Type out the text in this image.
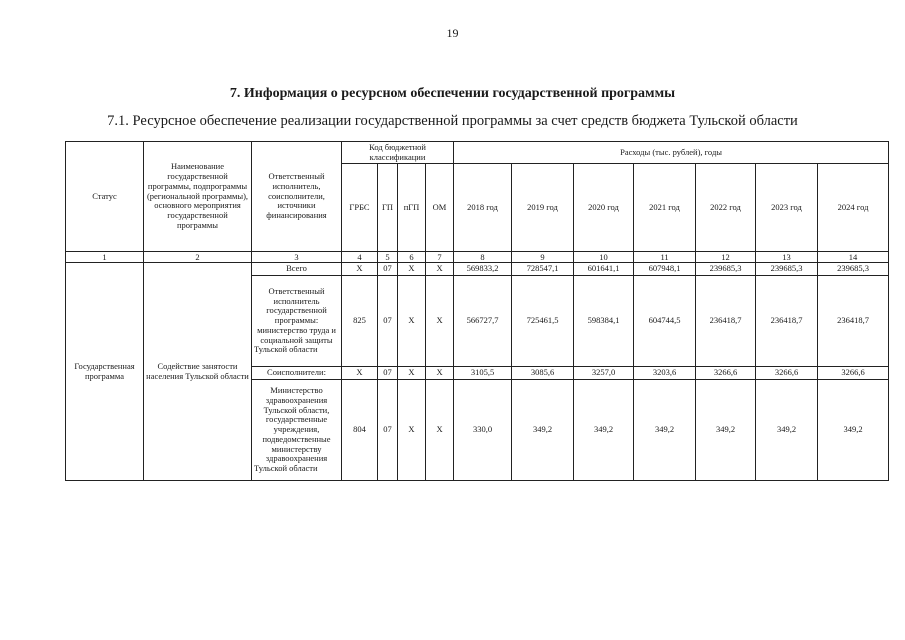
19
7. Информация о ресурсном обеспечении государственной программы
7.1. Ресурсное обеспечение реализации государственной программы за счет средств бюджета Тульской области
Статус	Наименование государственной программы, подпрограммы (региональной программы), основного мероприятия государственной программы	Ответственный исполнитель, соисполнители, источники финансирования	Код бюджетной классификации				Расходы (тыс. рублей), годы						
			ГРБС	ГП	пГП	ОМ	2018 год	2019 год	2020 год	2021 год	2022 год	2023 год	2024 год
1	2	3	4	5	6	7	8	9	10	11	12	13	14
Государственная программа	Содействие занятости населения Тульской области	Всего	Х	07	Х	Х	569833,2	728547,1	601641,1	607948,1	239685,3	239685,3	239685,3
		Ответственный исполнитель государственной программы: министерство труда и социальной защиты Тульской области	825	07	Х	Х	566727,7	725461,5	598384,1	604744,5	236418,7	236418,7	236418,7
		Соисполнители:	Х	07	Х	Х	3105,5	3085,6	3257,0	3203,6	3266,6	3266,6	3266,6
		Министерство здравоохранения Тульской области, государственные учреждения, подведомственные министерству здравоохранения Тульской области	804	07	Х	Х	330,0	349,2	349,2	349,2	349,2	349,2	349,2
